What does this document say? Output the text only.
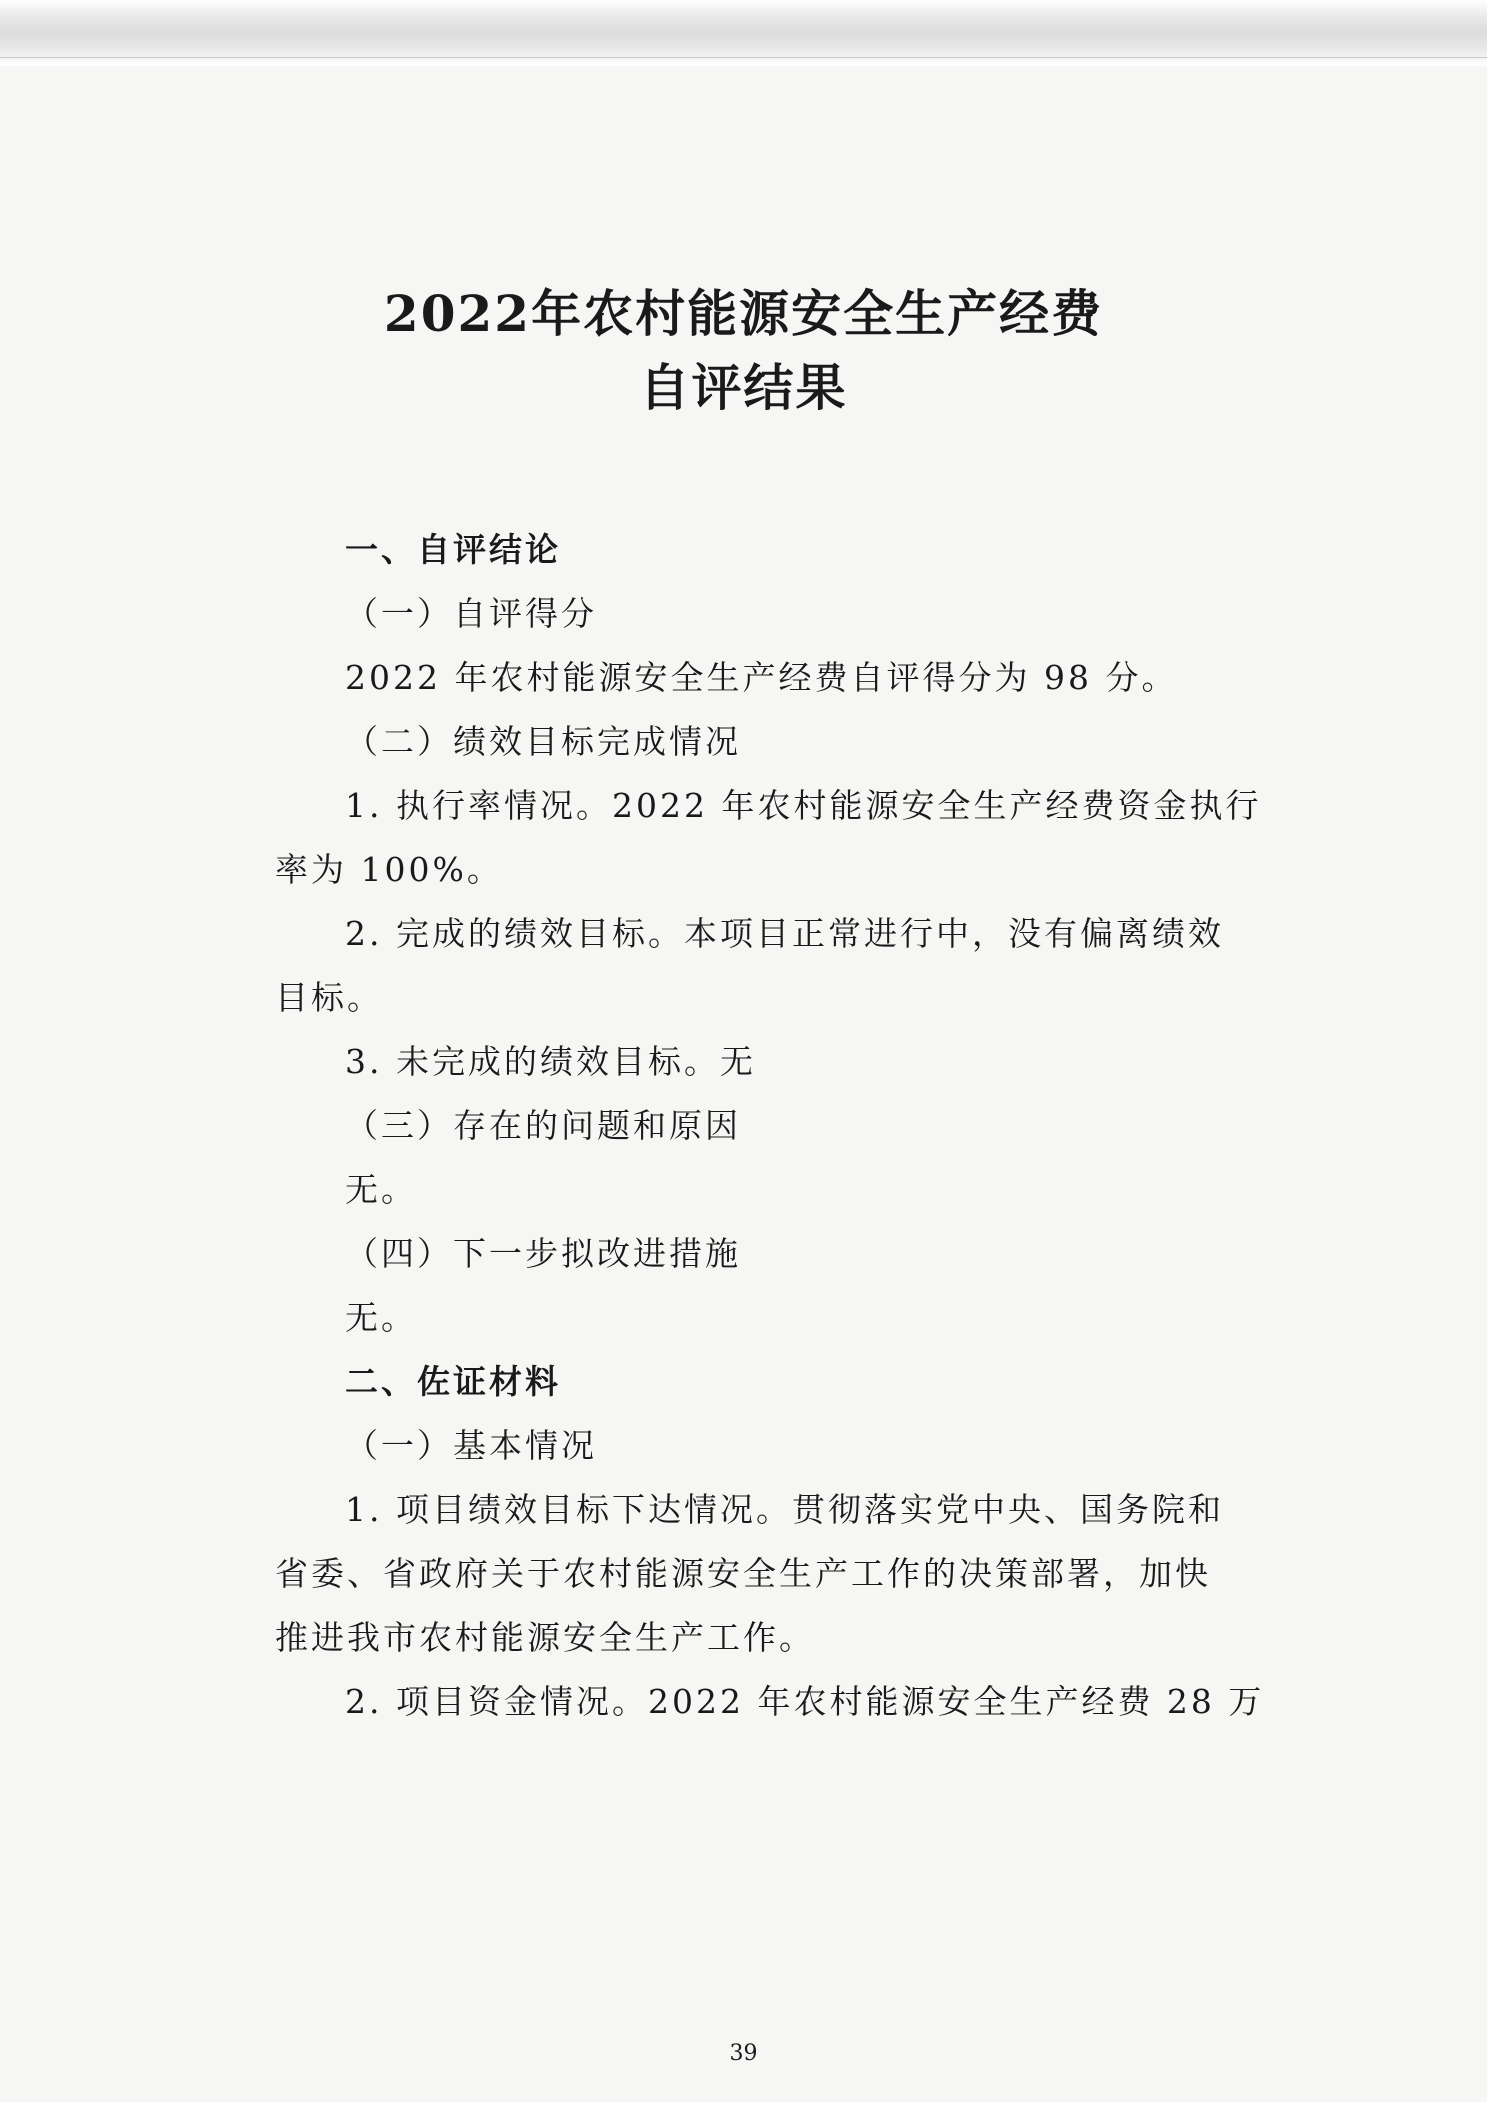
2022年农村能源安全生产经费
自评结果
一、自评结论
（一）自评得分
2022 年农村能源安全生产经费自评得分为 98 分。
（二）绩效目标完成情况
1. 执行率情况。2022 年农村能源安全生产经费资金执行
率为 100%。
2. 完成的绩效目标。本项目正常进行中，没有偏离绩效
目标。
3. 未完成的绩效目标。无
（三）存在的问题和原因
无。
（四）下一步拟改进措施
无。
二、佐证材料
（一）基本情况
1. 项目绩效目标下达情况。贯彻落实党中央、国务院和
省委、省政府关于农村能源安全生产工作的决策部署，加快
推进我市农村能源安全生产工作。
2. 项目资金情况。2022 年农村能源安全生产经费 28 万
39
